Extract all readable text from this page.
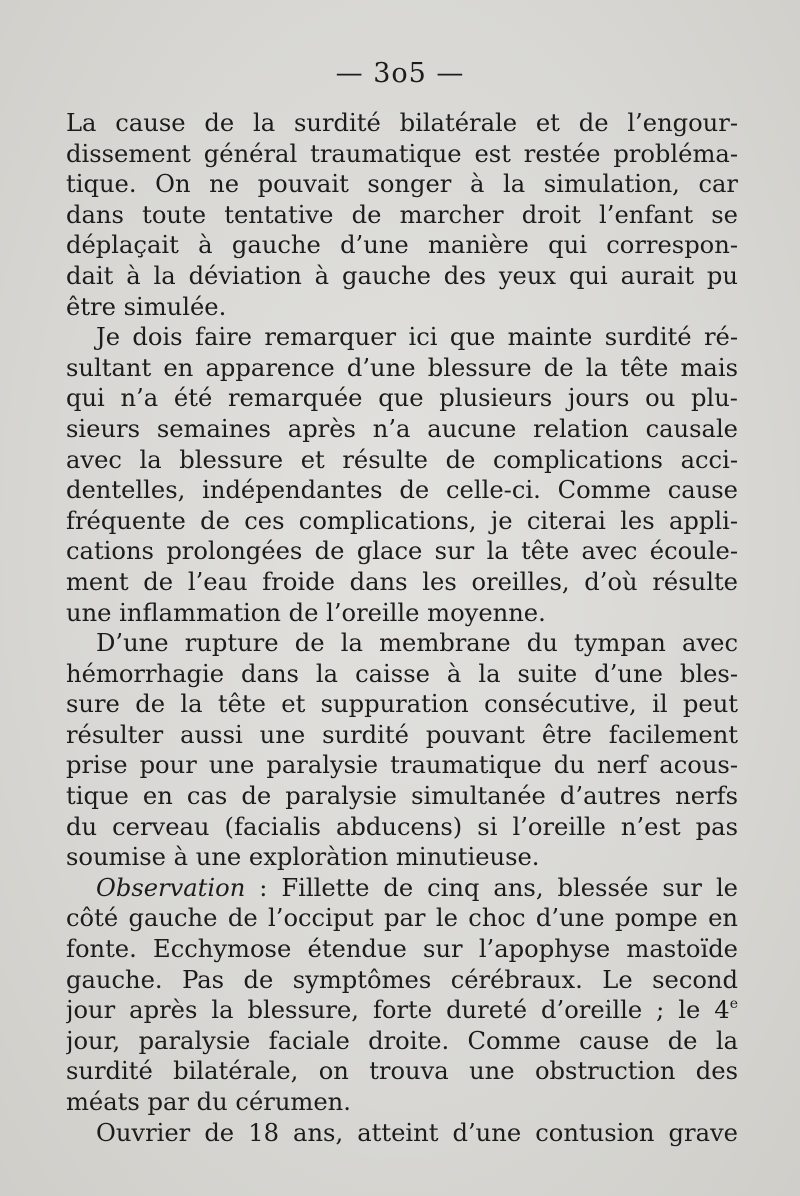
— 3o5 —
La cause de la surdité bilatérale et de l’engour-
dissement général traumatique est restée probléma-
tique. On ne pouvait songer à la simulation, car
dans toute tentative de marcher droit l’enfant se
déplaçait à gauche d’une manière qui correspon-
dait à la déviation à gauche des yeux qui aurait pu
être simulée.
Je dois faire remarquer ici que mainte surdité ré-
sultant en apparence d’une blessure de la tête mais
qui n’a été remarquée que plusieurs jours ou plu-
sieurs semaines après n’a aucune relation causale
avec la blessure et résulte de complications acci-
dentelles, indépendantes de celle-ci. Comme cause
fréquente de ces complications, je citerai les appli-
cations prolongées de glace sur la tête avec écoule-
ment de l’eau froide dans les oreilles, d’où résulte
une inflammation de l’oreille moyenne.
D’une rupture de la membrane du tympan avec
hémorrhagie dans la caisse à la suite d’une bles-
sure de la tête et suppuration consécutive, il peut
résulter aussi une surdité pouvant être facilement
prise pour une paralysie traumatique du nerf acous-
tique en cas de paralysie simultanée d’autres nerfs
du cerveau (facialis abducens) si l’oreille n’est pas
soumise à une exploràtion minutieuse.
Observation : Fillette de cinq ans, blessée sur le
côté gauche de l’occiput par le choc d’une pompe en
fonte. Ecchymose étendue sur l’apophyse mastoïde
gauche. Pas de symptômes cérébraux. Le second
jour après la blessure, forte dureté d’oreille ; le 4e
jour, paralysie faciale droite. Comme cause de la
surdité bilatérale, on trouva une obstruction des
méats par du cérumen.
Ouvrier de 18 ans, atteint d’une contusion grave
